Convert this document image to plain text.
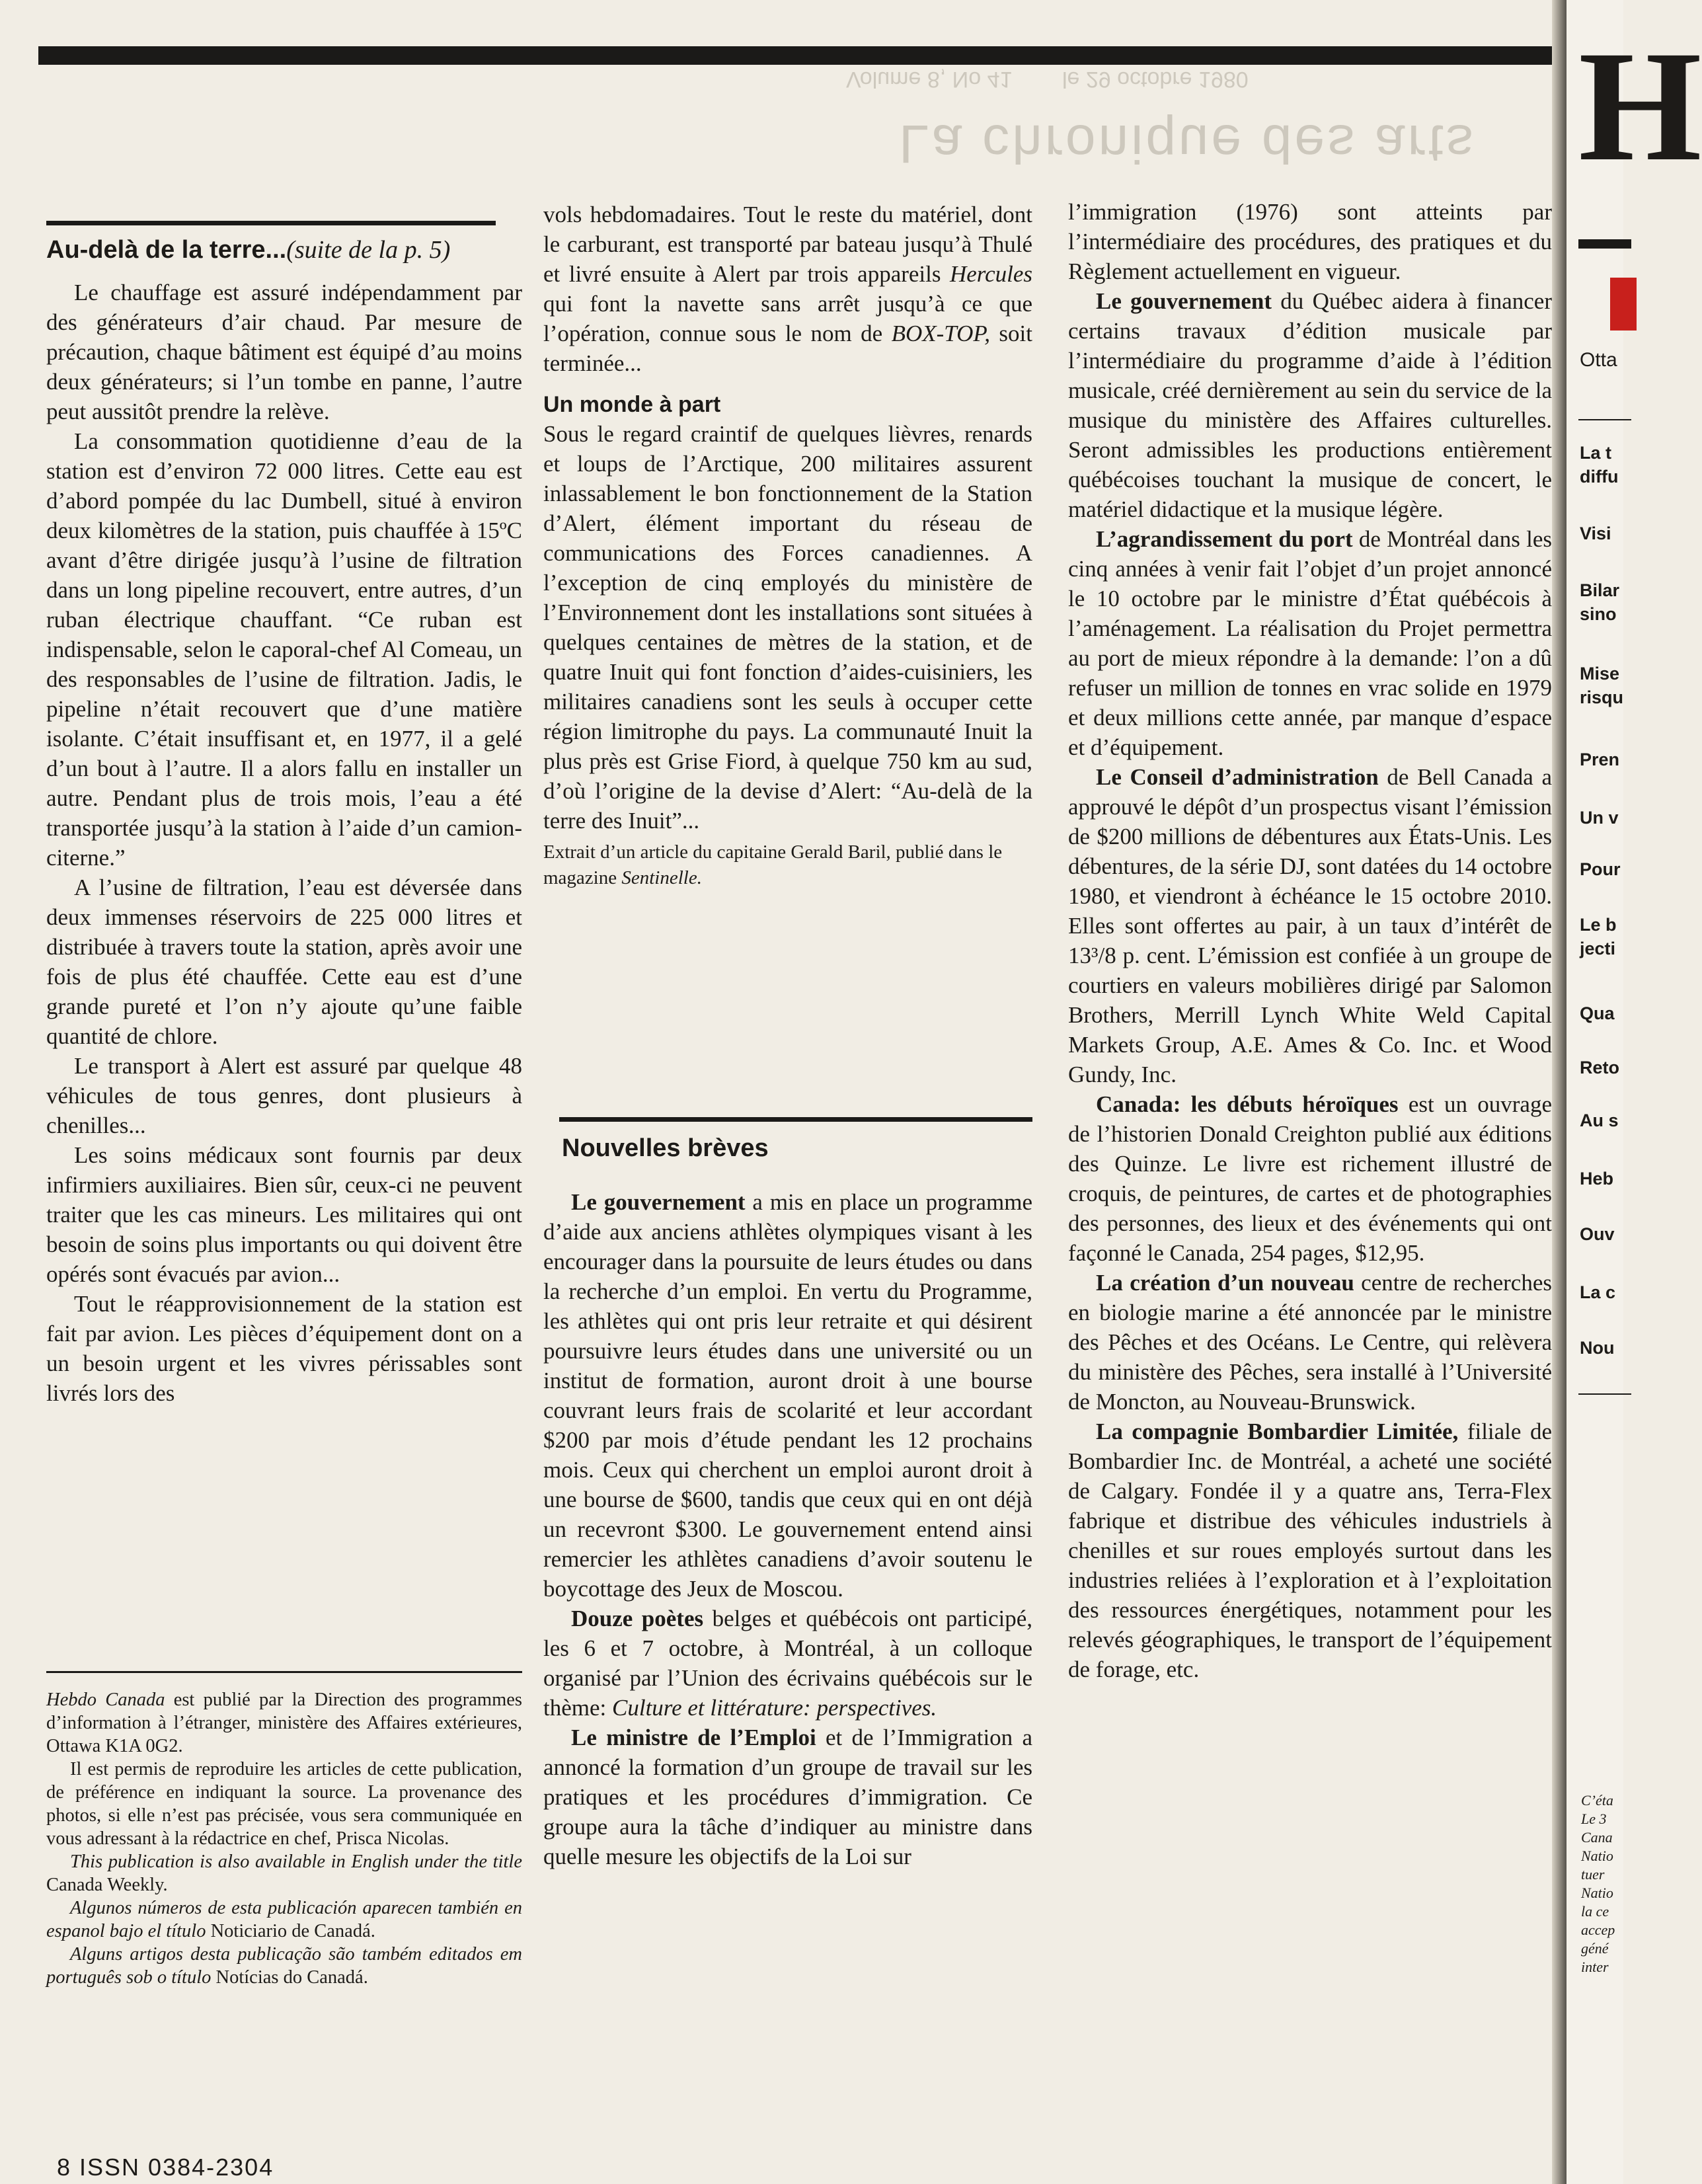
Volume 8, No 41 le 29 octobre 1980
La chronique des arts
Au-delà de la terre...(suite de la p. 5)

Le chauffage est assuré indépendamment par des générateurs d’air chaud. Par mesure de précaution, chaque bâtiment est équipé d’au moins deux générateurs; si l’un tombe en panne, l’autre peut aussitôt prendre la relève.

La consommation quotidienne d’eau de la station est d’environ 72 000 litres. Cette eau est d’abord pompée du lac Dumbell, situé à environ deux kilomètres de la station, puis chauffée à 15ºC avant d’être dirigée jusqu’à l’usine de filtration dans un long pipeline recouvert, entre autres, d’un ruban électrique chauffant. “Ce ruban est indispensable, selon le caporal-chef Al Comeau, un des responsables de l’usine de filtration. Jadis, le pipeline n’était recouvert que d’une matière isolante. C’était insuffisant et, en 1977, il a gelé d’un bout à l’autre. Il a alors fallu en installer un autre. Pendant plus de trois mois, l’eau a été transportée jusqu’à la station à l’aide d’un camion-citerne.”

A l’usine de filtration, l’eau est déversée dans deux immenses réservoirs de 225 000 litres et distribuée à travers toute la station, après avoir une fois de plus été chauffée. Cette eau est d’une grande pureté et l’on n’y ajoute qu’une faible quantité de chlore.

Le transport à Alert est assuré par quelque 48 véhicules de tous genres, dont plusieurs à chenilles...

Les soins médicaux sont fournis par deux infirmiers auxiliaires. Bien sûr, ceux-ci ne peuvent traiter que les cas mineurs. Les militaires qui ont besoin de soins plus importants ou qui doivent être opérés sont évacués par avion...

Tout le réapprovisionnement de la station est fait par avion. Les pièces d’équipement dont on a un besoin urgent et les vivres périssables sont livrés lors des

Hebdo Canada est publié par la Direction des programmes d’information à l’étranger, ministère des Affaires extérieures, Ottawa K1A 0G2.

Il est permis de reproduire les articles de cette publication, de préférence en indiquant la source. La provenance des photos, si elle n’est pas précisée, vous sera communiquée en vous adressant à la rédactrice en chef, Prisca Nicolas.

This publication is also available in English under the title Canada Weekly.

Algunos números de esta publicación aparecen también en espanol bajo el título Noticiario de Canadá.

Alguns artigos desta publicação são também editados em português sob o título Notícias do Canadá.

8 ISSN 0384-2304

vols hebdomadaires. Tout le reste du matériel, dont le carburant, est transporté par bateau jusqu’à Thulé et livré ensuite à Alert par trois appareils Hercules qui font la navette sans arrêt jusqu’à ce que l’opération, connue sous le nom de BOX-TOP, soit terminée...

Un monde à part

Sous le regard craintif de quelques lièvres, renards et loups de l’Arctique, 200 militaires assurent inlassablement le bon fonctionnement de la Station d’Alert, élément important du réseau de communications des Forces canadiennes. A l’exception de cinq employés du ministère de l’Environnement dont les installations sont situées à quelques centaines de mètres de la station, et de quatre Inuit qui font fonction d’aides-cuisiniers, les militaires canadiens sont les seuls à occuper cette région limitrophe du pays. La communauté Inuit la plus près est Grise Fiord, à quelque 750 km au sud, d’où l’origine de la devise d’Alert: “Au-delà de la terre des Inuit”...

Extrait d’un article du capitaine Gerald Baril, publié dans le magazine Sentinelle.

Nouvelles brèves

Le gouvernement a mis en place un programme d’aide aux anciens athlètes olympiques visant à les encourager dans la poursuite de leurs études ou dans la recherche d’un emploi. En vertu du Programme, les athlètes qui ont pris leur retraite et qui désirent poursuivre leurs études dans une université ou un institut de formation, auront droit à une bourse couvrant leurs frais de scolarité et leur accordant $200 par mois d’étude pendant les 12 prochains mois. Ceux qui cherchent un emploi auront droit à une bourse de $600, tandis que ceux qui en ont déjà un recevront $300. Le gouvernement entend ainsi remercier les athlètes canadiens d’avoir soutenu le boycottage des Jeux de Moscou.

Douze poètes belges et québécois ont participé, les 6 et 7 octobre, à Montréal, à un colloque organisé par l’Union des écrivains québécois sur le thème: Culture et littérature: perspectives.

Le ministre de l’Emploi et de l’Immigration a annoncé la formation d’un groupe de travail sur les pratiques et les procédures d’immigration. Ce groupe aura la tâche d’indiquer au ministre dans quelle mesure les objectifs de la Loi sur

l’immigration (1976) sont atteints par l’intermédiaire des procédures, des pratiques et du Règlement actuellement en vigueur.

Le gouvernement du Québec aidera à financer certains travaux d’édition musicale par l’intermédiaire du programme d’aide à l’édition musicale, créé dernièrement au sein du service de la musique du ministère des Affaires culturelles. Seront admissibles les productions entièrement québécoises touchant la musique de concert, le matériel didactique et la musique légère.

L’agrandissement du port de Montréal dans les cinq années à venir fait l’objet d’un projet annoncé le 10 octobre par le ministre d’État québécois à l’aménagement. La réalisation du Projet permettra au port de mieux répondre à la demande: l’on a dû refuser un million de tonnes en vrac solide en 1979 et deux millions cette année, par manque d’espace et d’équipement.

Le Conseil d’administration de Bell Canada a approuvé le dépôt d’un prospectus visant l’émission de $200 millions de débentures aux États-Unis. Les débentures, de la série DJ, sont datées du 14 octobre 1980, et viendront à échéance le 15 octobre 2010. Elles sont offertes au pair, à un taux d’intérêt de 13³/8 p. cent. L’émission est confiée à un groupe de courtiers en valeurs mobilières dirigé par Salomon Brothers, Merrill Lynch White Weld Capital Markets Group, A.E. Ames & Co. Inc. et Wood Gundy, Inc.

Canada: les débuts héroïques est un ouvrage de l’historien Donald Creighton publié aux éditions des Quinze. Le livre est richement illustré de croquis, de peintures, de cartes et de photographies des personnes, des lieux et des événements qui ont façonné le Canada, 254 pages, $12,95.

La création d’un nouveau centre de recherches en biologie marine a été annoncée par le ministre des Pêches et des Océans. Le Centre, qui relèvera du ministère des Pêches, sera installé à l’Université de Moncton, au Nouveau-Brunswick.

La compagnie Bombardier Limitée, filiale de Bombardier Inc. de Montréal, a acheté une société de Calgary. Fondée il y a quatre ans, Terra-Flex fabrique et distribue des véhicules industriels à chenilles et sur roues employés surtout dans les industries reliées à l’exploration et à l’exploitation des ressources énergétiques, notamment pour les relevés géographiques, le transport de l’équipement de forage, etc.

H
Otta
La t
diffu
Visi
Bilar
sino
Mise
risqu
Pren
Un v
Pour
Le b
jecti
Qua
Reto
Au s
Heb
Ouv
La c
Nou
C’éta
Le 3
Cana
Natio
tuer
Natio
la ce
accep
géné
inter
